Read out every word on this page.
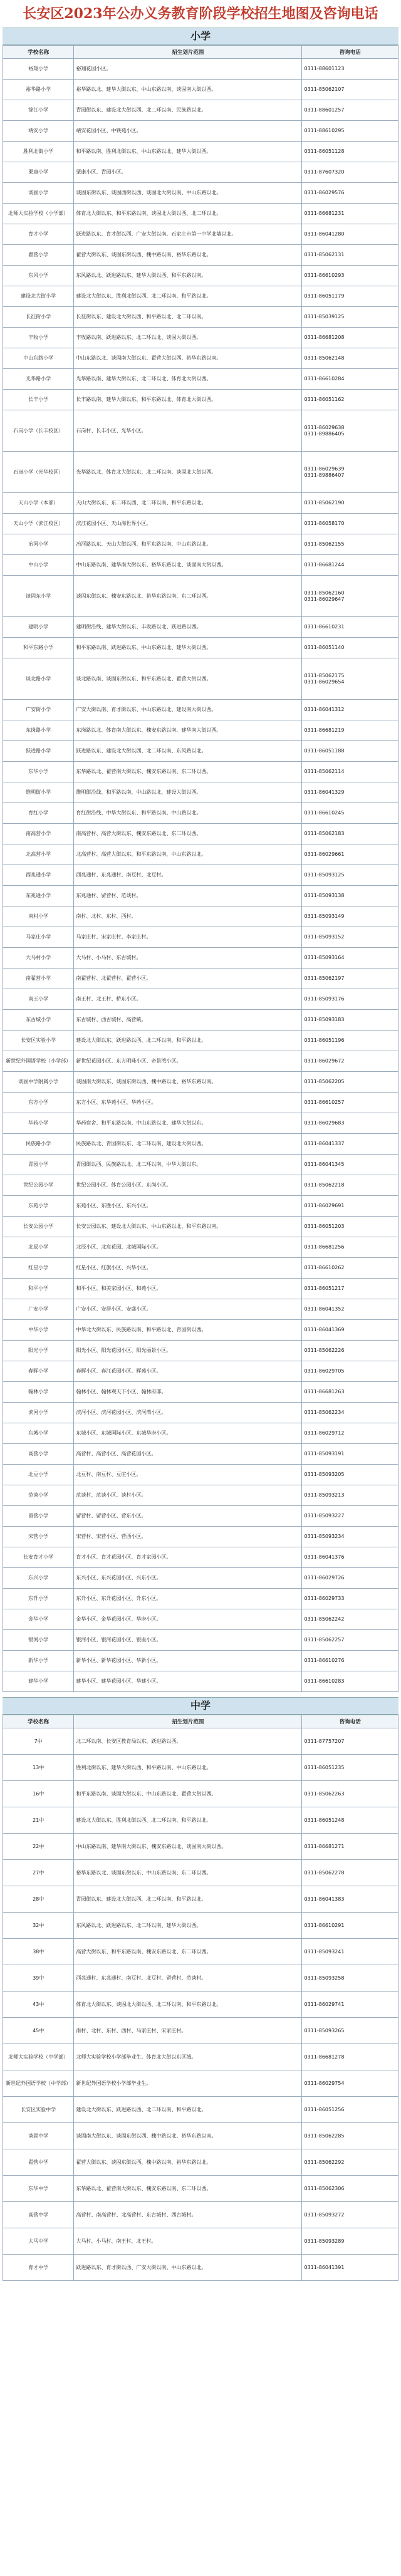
长安区2023年公办义务教育阶段学校招生地图及咨询电话
小学
学校名称	招生划片范围	咨询电话
裕翔小学	裕翔花园小区。	0311-88601123

裕华路小学	裕华路以北、建华大街以东、中山东路以南、谈固南大街以西。	0311-85062107

锦江小学	青园街以东、建设北大街以西、北二环以南、民族路以北。	0311-88601257

靖安小学	靖安花园小区、中铁苑小区。	0311-88610295

胜利北街小学	和平路以南、胜利北街以东、中山东路以北、建华大街以西。	0311-86051128

栗康小学	栗康小区、青园小区。	0311-87607320

谈固小学	谈固东街以东、谈固西街以西、谈固北大街以南、中山东路以北。	0311-86029576

北师大实验学校（小学部）	体育北大街以东、和平东路以南、谈固北大街以西、北二环以北。	0311-86681231

育才小学	跃进路以东、育才街以西、广安大街以南、石家庄市第一中学北墙以北。	0311-86041280

翟营小学	翟营大街以东、谈固东街以西、槐中路以南、裕华东路以北。	0311-85062131

东风小学	东风路以北、跃进路以东、建华大街以西、和平东路以南。	0311-86610293

建设北大街小学	建设北大街以东、胜利北街以西、北二环以南、和平路以北。	0311-86051179

长征街小学	长征街以东、建设北大街以西、和平路以北、北二环以南。	0311-85039125

丰收小学	丰收路以南、跃进路以东、北二环以北、谈固大街以西。	0311-86681208

中山东路小学	中山东路以北、谈固南大街以东、翟营大街以西、裕华东路以南。	0311-85062148

光华路小学	光华路以南、建华大街以东、北二环以北、体育北大街以西。	0311-86610284

长丰小学	长丰路以南、建华大街以东、和平东路以北、体育北大街以西。	0311-86051162

石岗小学（长丰校区）	石岗村、长丰小区、光华小区。	0311-86029638
0311-89886405

石岗小学（光华校区）	光华路以北、体育北大街以东、北二环以南、谈固北大街以西。	0311-86029639
0311-89886407

天山小学（本部）	天山大街以东、东二环以西、北二环以南、和平东路以北。	0311-85062190

天山小学（滨江校区）	滨江花园小区、天山海世界小区。	0311-86058170

冶河小学	冶河路以东、天山大街以西、和平东路以南、中山东路以北。	0311-85062155

中山小学	中山东路以南、建华南大街以东、裕华东路以北、谈固南大街以西。	0311-86681244

谈固东小学	谈固东街以东、槐安东路以北、裕华东路以南、东二环以西。	0311-85062160
0311-86029647

建明小学	建明街沿线、建华大街以东、丰收路以北、跃进路以西。	0311-86610231

和平东路小学	和平东路以南、跃进路以东、中山东路以北、建华大街以西。	0311-86051140

谈北路小学	谈北路以南、谈固东街以东、和平东路以北、翟营大街以西。	0311-85062175
0311-86029654

广安街小学	广安大街以南、育才街以东、中山东路以北、建设南大街以西。	0311-86041312

东岗路小学	东岗路以北、体育南大街以东、槐安东路以南、建华南大街以西。	0311-86681219

跃进路小学	跃进路以东、建设北大街以西、北二环以南、东风路以北。	0311-86051188

东华小学	东华路以北、翟营南大街以东、槐安东路以南、东二环以西。	0311-85062114

维明街小学	维明街沿线、和平路以南、中山路以北、建设大街以西。	0311-86041329

育红小学	育红街沿线、中华大街以东、和平路以南、中山路以北。	0311-86610245

南高营小学	南高营村、高营大街以东、槐安东路以北、东二环以西。	0311-85062183

北高营小学	北高营村、高营大街以东、和平东路以南、中山东路以北。	0311-86029661

西兆通小学	西兆通村、东兆通村、南豆村、北豆村。	0311-85093125

东兆通小学	东兆通村、留营村、范谈村。	0311-85093138

南村小学	南村、北村、东村、西村。	0311-85093149

马家庄小学	马家庄村、宋家庄村、李家庄村。	0311-85093152

大马村小学	大马村、小马村、东古城村。	0311-85093164

南翟营小学	南翟营村、北翟营村、翟营小区。	0311-85062197

南王小学	南王村、北王村、桥东小区。	0311-85093176

东古城小学	东古城村、西古城村、高营镇。	0311-85093183

长安区实验小学	建设北大街以东、跃进路以西、北二环以南、和平路以北。	0311-86051196

新世纪外国语学校（小学部）	新世纪花园小区、东方明珠小区、帝景湾小区。	0311-86029672

谈固中学附属小学	谈固南大街以东、谈固东街以西、槐中路以北、裕华东路以南。	0311-85062205

东方小学	东方小区、东华苑小区、华药小区。	0311-86610257

华药小学	华药宿舍、和平东路以南、中山东路以北、建华大街以东。	0311-86029683

民族路小学	民族路以北、青园街以东、北二环以南、建设北大街以西。	0311-86041337

青园小学	青园街以西、民族路以北、北二环以南、中华大街以东。	0311-86041345

世纪公园小学	世纪公园小区、体育公园小区、东尚小区。	0311-85062218

东苑小学	东苑小区、东胜小区、东兴小区。	0311-86029691

长安公园小学	长安公园以东、建设北大街以东、中山东路以北、和平东路以南。	0311-86051203

北辰小学	北辰小区、北宸花园、北城国际小区。	0311-86681256

红星小学	红星小区、红旗小区、兴华小区。	0311-86610262

和平小学	和平小区、和美家园小区、和苑小区。	0311-86051217

广安小学	广安小区、安居小区、安盛小区。	0311-86041352

中华小学	中华北大街以东、民族路以南、和平路以北、青园街以西。	0311-86041369

阳光小学	阳光小区、阳光花园小区、阳光丽景小区。	0311-85062226

春晖小学	春晖小区、春江花园小区、晖苑小区。	0311-86029705

翰林小学	翰林小区、翰林观天下小区、翰林府邸。	0311-86681263

滨河小学	滨河小区、滨河花园小区、滨河湾小区。	0311-85062234

东城小学	东城小区、东城国际小区、东城华府小区。	0311-86029712

高营小学	高营村、高营小区、高营花园小区。	0311-85093191

北豆小学	北豆村、南豆村、豆庄小区。	0311-85093205

范谈小学	范谈村、范谈小区、谈村小区。	0311-85093213

留营小学	留营村、留营小区、营东小区。	0311-85093227

宋营小学	宋营村、宋营小区、营西小区。	0311-85093234

长安育才小学	育才小区、育才花园小区、育才家园小区。	0311-86041376

东兴小学	东兴小区、东兴花园小区、兴东小区。	0311-86029726

东升小学	东升小区、东升花园小区、升东小区。	0311-86029733

金华小学	金华小区、金华花园小区、华府小区。	0311-85062242

银河小学	银河小区、银河花园小区、银座小区。	0311-85062257

新华小学	新华小区、新华花园小区、华新小区。	0311-86610276

建华小学	建华小区、建华花园小区、华建小区。	0311-86610283
中学
学校名称	招生划片范围	咨询电话
7中	北二环以南、长安区教育局以东、跃进路以西。	0311-87757207

13中	胜利北街以东、建华大街以西、和平路以南、中山东路以北。	0311-86051235

16中	和平东路以南、谈固大街以东、中山东路以北、翟营大街以西。	0311-85062263

21中	建设北大街以东、胜利北街以西、北二环以南、和平路以北。	0311-86051248

22中	中山东路以南、建华南大街以东、槐安东路以北、谈固南大街以西。	0311-86681271

27中	裕华东路以北、谈固东街以东、中山东路以南、东二环以西。	0311-85062278

28中	青园街以东、建设北大街以西、北二环以南、和平路以北。	0311-86041383

32中	东风路以北、跃进路以东、北二环以南、建华大街以西。	0311-86610291

38中	高营大街以东、和平东路以南、槐安东路以北、东二环以西。	0311-85093241

39中	西兆通村、东兆通村、南豆村、北豆村、留营村、范谈村。	0311-85093258

43中	体育北大街以东、谈固北大街以西、北二环以南、和平东路以北。	0311-86029741

45中	南村、北村、东村、西村、马家庄村、宋家庄村。	0311-85093265

北师大实验学校（中学部）	北师大实验学校小学部毕业生、体育北大街以东区域。	0311-86681278

新世纪外国语学校（中学部）	新世纪外国语学校小学部毕业生。	0311-86029754

长安区实验中学	建设北大街以东、跃进路以西、北二环以南、和平路以北。	0311-86051256

谈固中学	谈固南大街以东、谈固东街以西、槐中路以北、裕华东路以南。	0311-85062285

翟营中学	翟营大街以东、谈固东街以西、槐中路以南、裕华东路以北。	0311-85062292

东华中学	东华路以北、翟营南大街以东、槐安东路以南、东二环以西。	0311-85062306

高营中学	高营村、南高营村、北高营村、东古城村、西古城村。	0311-85093272

大马中学	大马村、小马村、南王村、北王村。	0311-85093289

育才中学	跃进路以东、育才街以西、广安大街以南、中山东路以北。	0311-86041391
